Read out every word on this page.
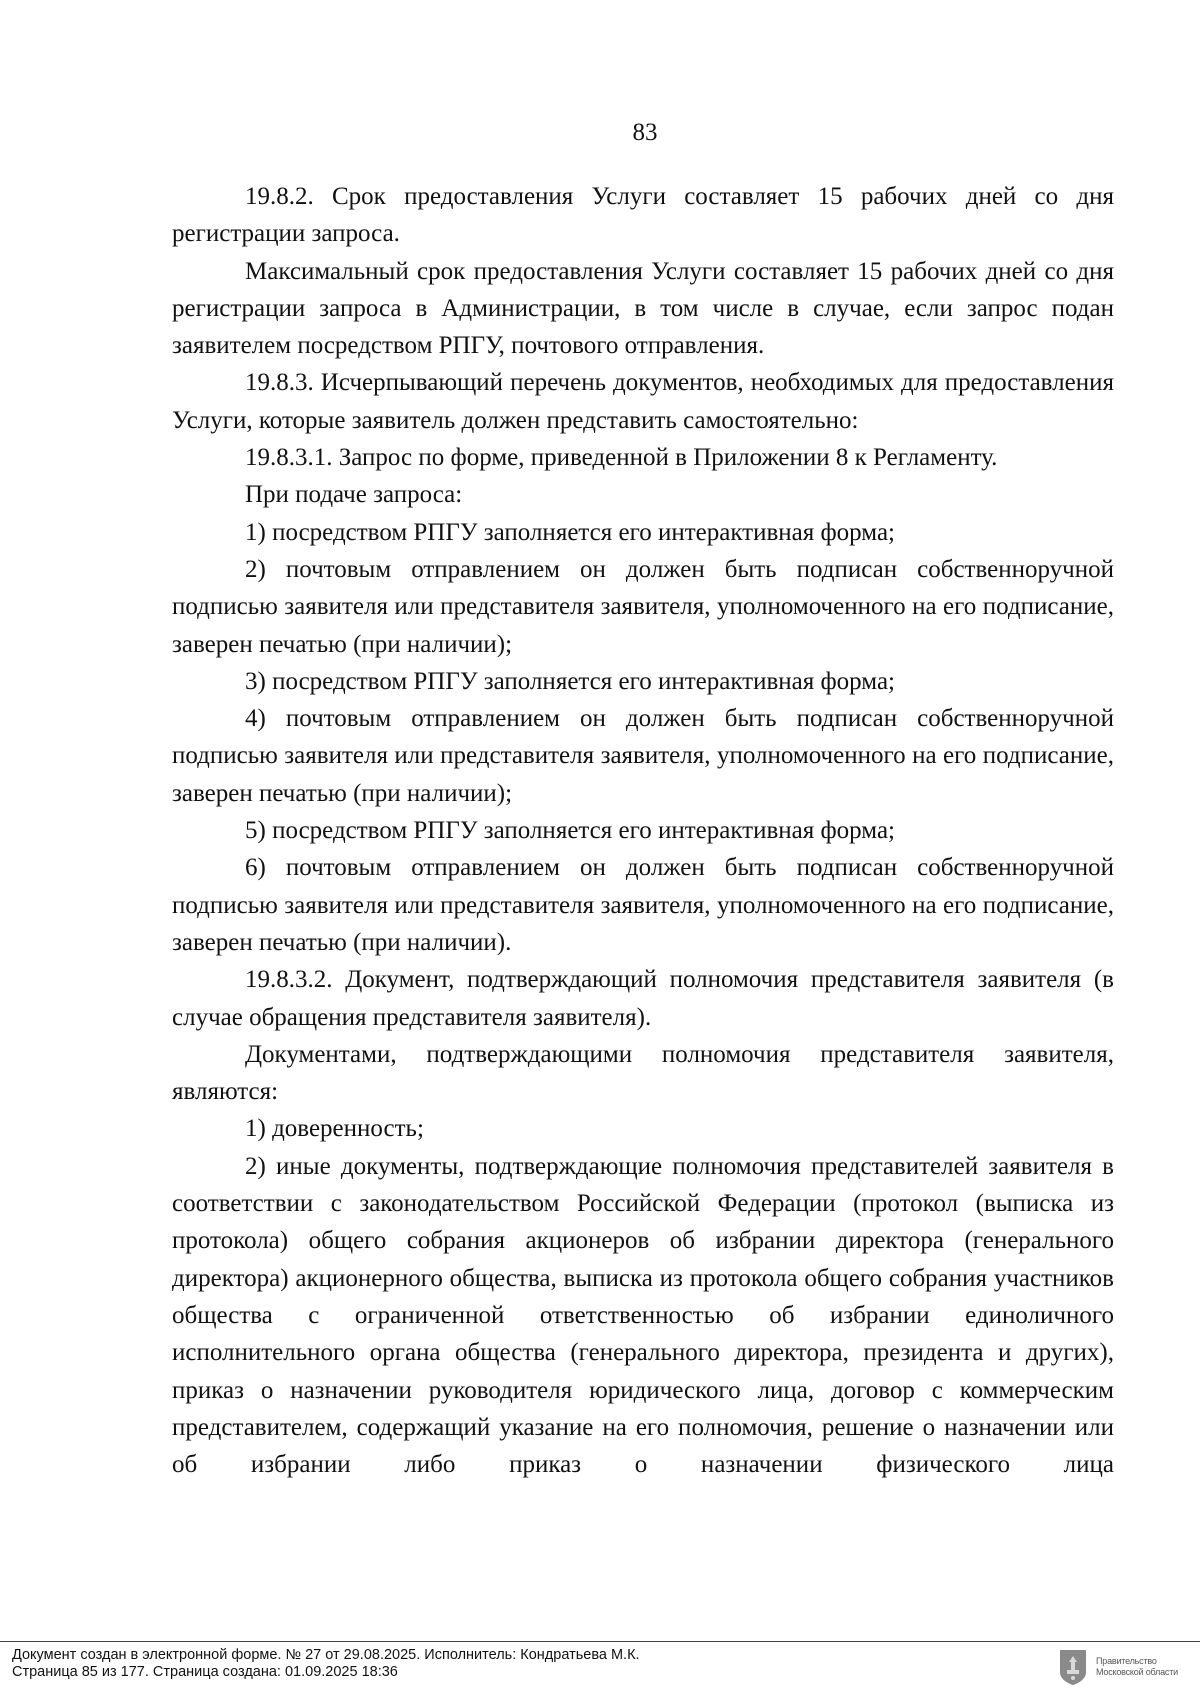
83

19.8.2. Срок предоставления Услуги составляет 15 рабочих дней со дня регистрации запроса.

Максимальный срок предоставления Услуги составляет 15 рабочих дней со дня регистрации запроса в Администрации, в том числе в случае, если запрос подан заявителем посредством РПГУ, почтового отправления.

19.8.3. Исчерпывающий перечень документов, необходимых для предоставления Услуги, которые заявитель должен представить самостоятельно:

19.8.3.1. Запрос по форме, приведенной в Приложении 8 к Регламенту.

При подаче запроса:

1) посредством РПГУ заполняется его интерактивная форма;

2) почтовым отправлением он должен быть подписан собственноручной подписью заявителя или представителя заявителя, уполномоченного на его подписание, заверен печатью (при наличии);

3) посредством РПГУ заполняется его интерактивная форма;

4) почтовым отправлением он должен быть подписан собственноручной подписью заявителя или представителя заявителя, уполномоченного на его подписание, заверен печатью (при наличии);

5) посредством РПГУ заполняется его интерактивная форма;

6) почтовым отправлением он должен быть подписан собственноручной подписью заявителя или представителя заявителя, уполномоченного на его подписание, заверен печатью (при наличии).

19.8.3.2. Документ, подтверждающий полномочия представителя заявителя (в случае обращения представителя заявителя).

Документами, подтверждающими полномочия представителя заявителя, являются:

1) доверенность;

2) иные документы, подтверждающие полномочия представителей заявителя в соответствии с законодательством Российской Федерации (протокол (выписка из протокола) общего собрания акционеров об избрании директора (генерального директора) акционерного общества, выписка из протокола общего собрания участников общества с ограниченной ответственностью об избрании единоличного исполнительного органа общества (генерального директора, президента и других), приказ о назначении руководителя юридического лица, договор с коммерческим представителем, содержащий указание на его полномочия, решение о назначении или об избрании либо приказ о назначении физического лица

Документ создан в электронной форме. № 27 от 29.08.2025. Исполнитель: Кондратьева М.К.
Страница 85 из 177. Страница создана: 01.09.2025 18:36
Правительство
Московской области
